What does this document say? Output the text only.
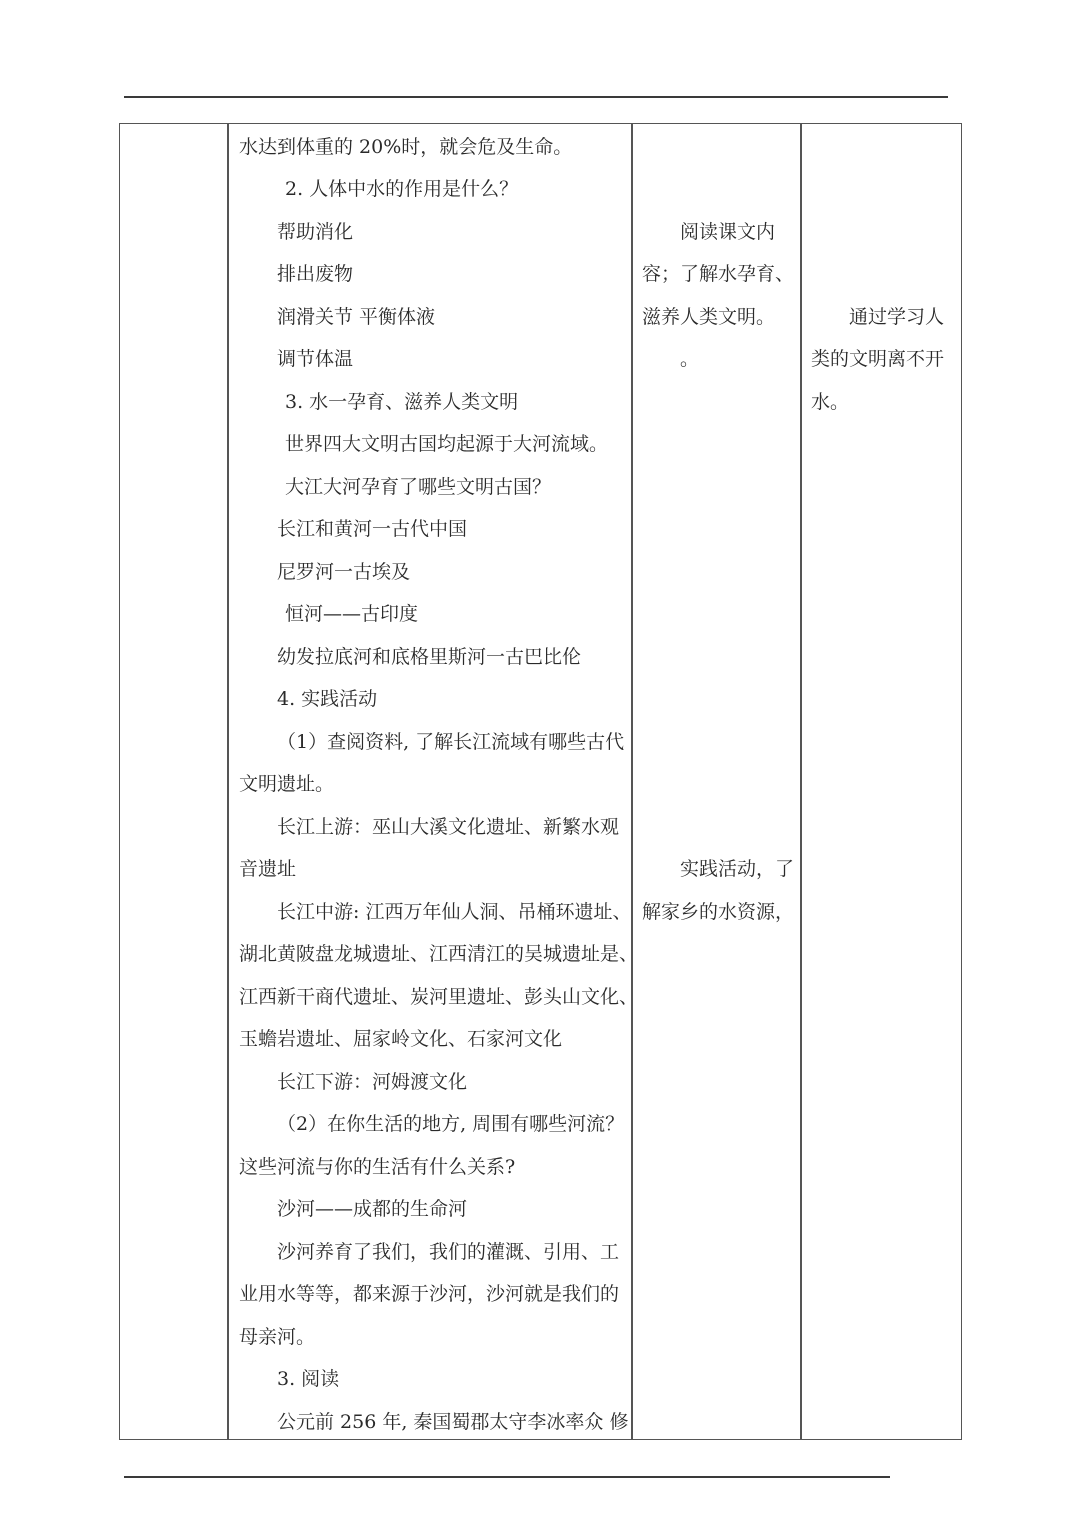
水达到体重的 20%时，就会危及生命。
2. 人体中水的作用是什么？
帮助消化
排出废物
润滑关节 平衡体液
调节体温
3. 水一孕育、滋养人类文明
世界四大文明古国均起源于大河流域。
大江大河孕育了哪些文明古国？
长江和黄河一古代中国
尼罗河一古埃及
恒河——古印度
幼发拉底河和底格里斯河一古巴比伦
4. 实践活动
（1）查阅资料, 了解长江流域有哪些古代
文明遗址。
长江上游：巫山大溪文化遗址、新繁水观
音遗址
长江中游: 江西万年仙人洞、吊桶环遗址、
湖北黄陂盘龙城遗址、江西清江的吴城遗址是、
江西新干商代遗址、炭河里遗址、彭头山文化、
玉蟾岩遗址、屈家岭文化、石家河文化
长江下游：河姆渡文化
（2）在你生活的地方, 周围有哪些河流？
这些河流与你的生活有什么关系?
沙河——成都的生命河
沙河养育了我们，我们的灌溉、引用、工
业用水等等，都来源于沙河，沙河就是我们的
母亲河。
3. 阅读
公元前 256 年, 秦国蜀郡太守李冰率众 修
阅读课文内
容；了解水孕育、
滋养人类文明。
。
实践活动，了
解家乡的水资源，
通过学习人
类的文明离不开
水。
